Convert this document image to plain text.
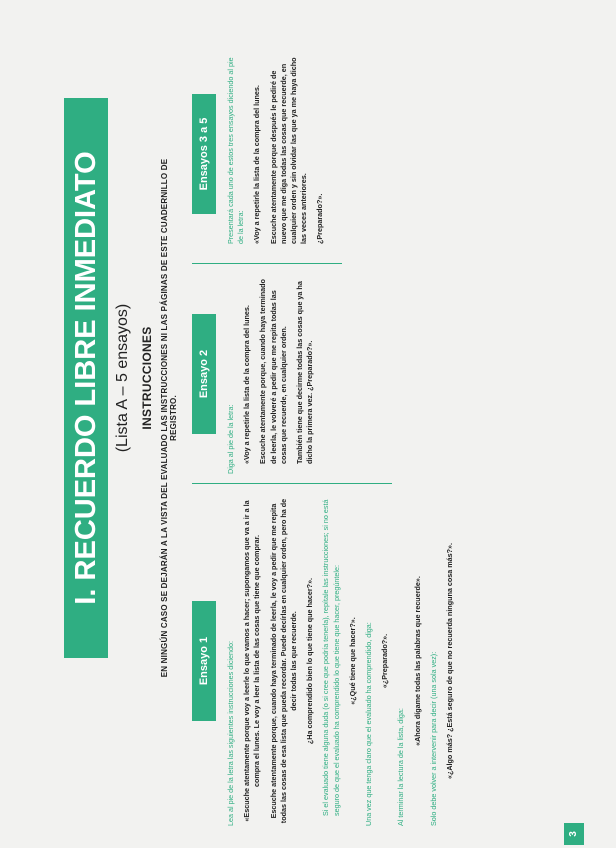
3
I. RECUERDO LIBRE INMEDIATO (Lista A – 5 ensayos) INSTRUCCIONES EN NINGÚN CASO SE DEJARÁN A LA VISTA DEL EVALUADO LAS INSTRUCCIONES NI LAS PÁGINAS DE ESTE CUADERNILLO DE REGISTRO.
Ensayo 1	Lea al pie de la letra las siguientes instrucciones diciendo: «Escuche atentamente porque voy a leerle lo que vamos a hacer; supongamos que va a ir a la compra el lunes. Le voy a leer la lista de las cosas que tiene que comprar. Escuche atentamente porque, cuando haya terminado de leerla, le voy a pedir que me repita todas las cosas de esa lista que pueda recordar. Puede decírlas en cualquier orden, pero ha de decir todas las que recuerde. ¿Ha comprendido bien lo que tiene que hacer?». Si el evaluado tiene alguna duda (o si cree que podría tenerla), repítale las instrucciones; si no está seguro de que el evaluado ha comprendido lo que tiene que hacer, pregúntele: «¿Qué tiene que hacer?». Una vez que tenga claro que el evaluado ha comprendido, diga: «¿Preparado?».

Al terminar la lectura de la lista, diga:

«Ahora dígame todas las palabras que recuerde». Solo debe volver a intervenir para decir (una sola vez): «¿Algo más? ¿Está seguro de que no recuerda ninguna cosa más?».

Ensayo 2

Diga al pie de la letra: «Voy a repetirle la lista de la compra del lunes. Escuche atentamente porque, cuando haya terminado de leerla, le volveré a pedir que me repita todas las cosas que recuerde, en cualquier orden. También tiene que decirme todas las cosas que ya ha dicho la primera vez. ¿Preparado?».

Ensayos 3 a 5	Presentará cada uno de estos tres ensayos diciendo al pie de la letra: «Voy a repetirle la lista de la compra del lunes. Escuche atentamente porque después le pediré de nuevo que me diga todas las cosas que recuerde, en cualquier orden y sin olvidar las que ya me haya dicho las veces anteriores. ¿Preparado?».
